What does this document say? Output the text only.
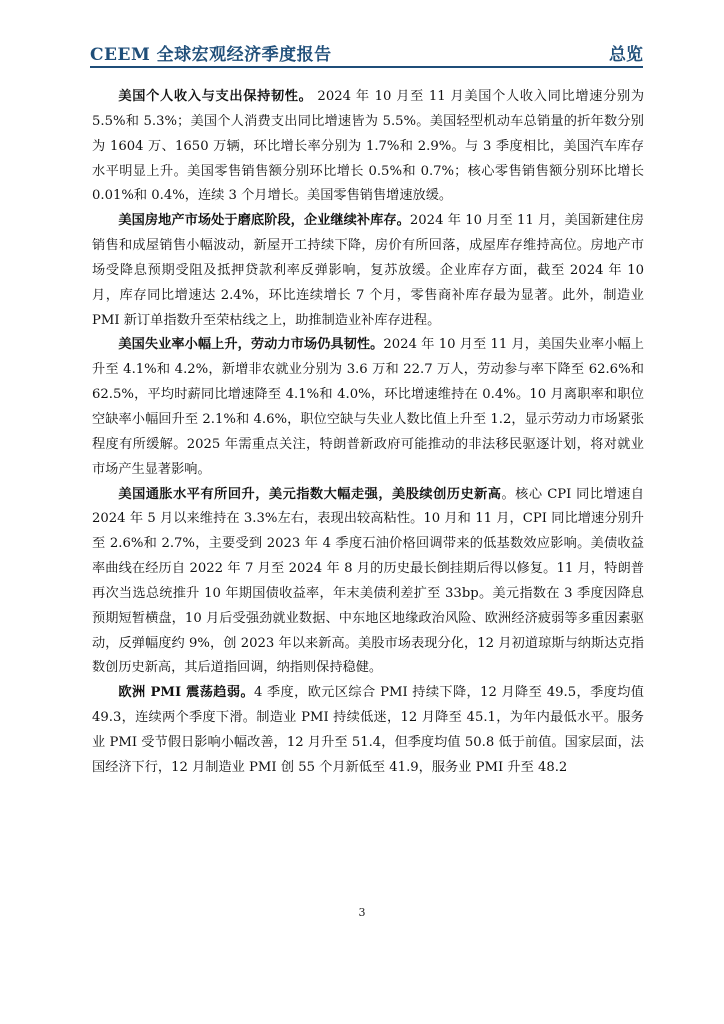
CEEM 全球宏观经济季度报告	总览

美国个人收入与支出保持韧性。 2024 年 10 月至 11 月美国个人收入同比增速分别为 5.5%和 5.3%；美国个人消费支出同比增速皆为 5.5%。美国轻型机动车总销量的折年数分别为 1604 万、1650 万辆，环比增长率分别为 1.7%和 2.9%。与 3 季度相比，美国汽车库存水平明显上升。美国零售销售额分别环比增长 0.5%和 0.7%；核心零售销售额分别环比增长 0.01%和 0.4%，连续 3 个月增长。美国零售销售增速放缓。

美国房地产市场处于磨底阶段，企业继续补库存。2024 年 10 月至 11 月，美国新建住房销售和成屋销售小幅波动，新屋开工持续下降，房价有所回落，成屋库存维持高位。房地产市场受降息预期受阻及抵押贷款利率反弹影响，复苏放缓。企业库存方面，截至 2024 年 10 月，库存同比增速达 2.4%，环比连续增长 7 个月，零售商补库存最为显著。此外，制造业 PMI 新订单指数升至荣枯线之上，助推制造业补库存进程。

美国失业率小幅上升，劳动力市场仍具韧性。2024 年 10 月至 11 月，美国失业率小幅上升至 4.1%和 4.2%，新增非农就业分别为 3.6 万和 22.7 万人，劳动参与率下降至 62.6%和 62.5%，平均时薪同比增速降至 4.1%和 4.0%，环比增速维持在 0.4%。10 月离职率和职位空缺率小幅回升至 2.1%和 4.6%，职位空缺与失业人数比值上升至 1.2，显示劳动力市场紧张程度有所缓解。2025 年需重点关注，特朗普新政府可能推动的非法移民驱逐计划，将对就业市场产生显著影响。

美国通胀水平有所回升，美元指数大幅走强，美股续创历史新高。核心 CPI 同比增速自 2024 年 5 月以来维持在 3.3%左右，表现出较高粘性。10 月和 11 月，CPI 同比增速分别升至 2.6%和 2.7%，主要受到 2023 年 4 季度石油价格回调带来的低基数效应影响。美债收益率曲线在经历自 2022 年 7 月至 2024 年 8 月的历史最长倒挂期后得以修复。11 月，特朗普再次当选总统推升 10 年期国债收益率，年末美债利差扩至 33bp。美元指数在 3 季度因降息预期短暂横盘，10 月后受强劲就业数据、中东地区地缘政治风险、欧洲经济疲弱等多重因素驱动，反弹幅度约 9%，创 2023 年以来新高。美股市场表现分化，12 月初道琼斯与纳斯达克指数创历史新高，其后道指回调，纳指则保持稳健。

欧洲 PMI 震荡趋弱。4 季度，欧元区综合 PMI 持续下降，12 月降至 49.5，季度均值 49.3，连续两个季度下滑。制造业 PMI 持续低迷，12 月降至 45.1，为年内最低水平。服务业 PMI 受节假日影响小幅改善，12 月升至 51.4，但季度均值 50.8 低于前值。国家层面，法国经济下行，12 月制造业 PMI 创 55 个月新低至 41.9，服务业 PMI 升至 48.2

3
